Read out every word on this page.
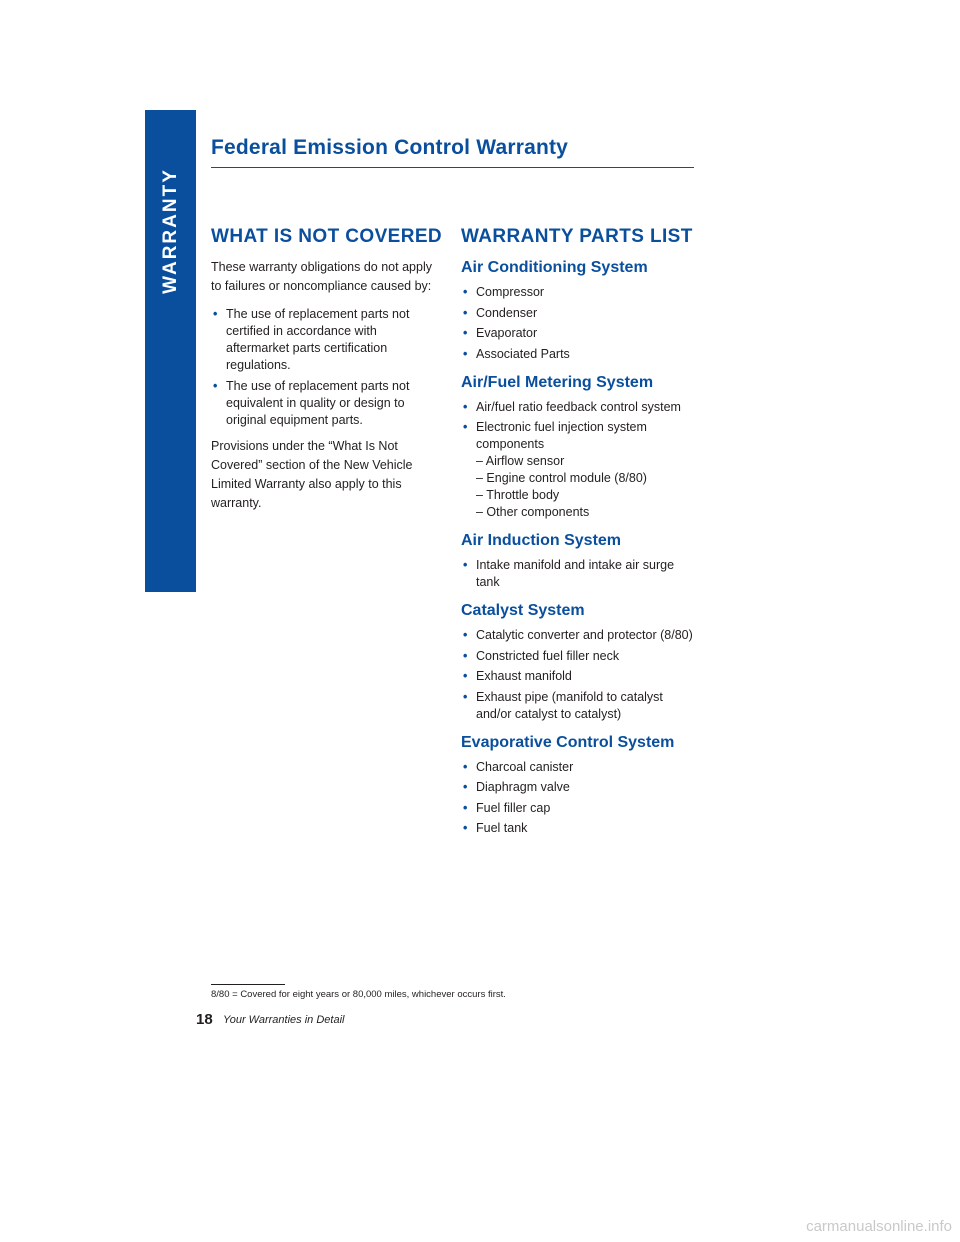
WARRANTY
Federal Emission Control Warranty
WHAT IS NOT COVERED

These warranty obligations do not apply to failures or noncompliance caused by:

• The use of replacement parts not certified in accordance with aftermarket parts certification regulations.
• The use of replacement parts not equivalent in quality or design to original equipment parts.

Provisions under the “What Is Not Covered” section of the New Vehicle Limited Warranty also apply to this warranty.

WARRANTY PARTS LIST
Air Conditioning System
• Compressor
• Condenser
• Evaporator
• Associated Parts
Air/Fuel Metering System
• Air/fuel ratio feedback control system
• Electronic fuel injection system components
– Airflow sensor
– Engine control module (8/80)
– Throttle body
– Other components
Air Induction System
• Intake manifold and intake air surge tank
Catalyst System
• Catalytic converter and protector (8/80)
• Constricted fuel filler neck
• Exhaust manifold
• Exhaust pipe (manifold to catalyst and/or catalyst to catalyst)
Evaporative Control System
• Charcoal canister
• Diaphragm valve
• Fuel filler cap
• Fuel tank
8/80 = Covered for eight years or 80,000 miles, whichever occurs first.
18 Your Warranties in Detail
carmanualsonline.info
